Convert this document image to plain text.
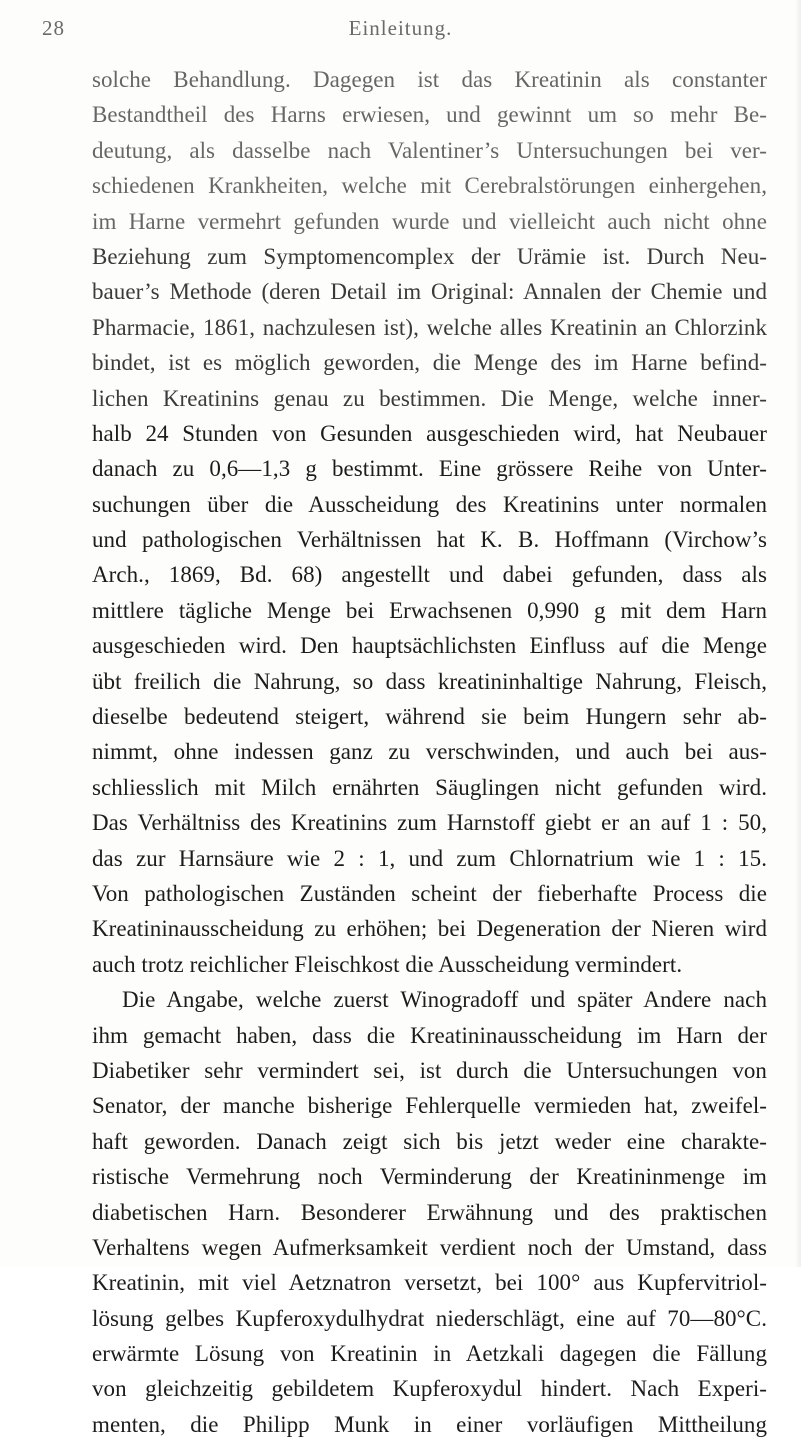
28	Einleitung.
solche Behandlung. Dagegen ist das Kreatinin als constanter
Bestandtheil des Harns erwiesen, und gewinnt um so mehr Be-
deutung, als dasselbe nach Valentiner’s Untersuchungen bei ver-
schiedenen Krankheiten, welche mit Cerebralstörungen einhergehen,
im Harne vermehrt gefunden wurde und vielleicht auch nicht ohne
Beziehung zum Symptomencomplex der Urämie ist. Durch Neu-
bauer’s Methode (deren Detail im Original: Annalen der Chemie und
Pharmacie, 1861, nachzulesen ist), welche alles Kreatinin an Chlorzink
bindet, ist es möglich geworden, die Menge des im Harne befind-
lichen Kreatinins genau zu bestimmen. Die Menge, welche inner-
halb 24 Stunden von Gesunden ausgeschieden wird, hat Neubauer
danach zu 0,6—1,3 g bestimmt. Eine grössere Reihe von Unter-
suchungen über die Ausscheidung des Kreatinins unter normalen
und pathologischen Verhältnissen hat K. B. Hoffmann (Virchow’s
Arch., 1869, Bd. 68) angestellt und dabei gefunden, dass als
mittlere tägliche Menge bei Erwachsenen 0,990 g mit dem Harn
ausgeschieden wird. Den hauptsächlichsten Einfluss auf die Menge
übt freilich die Nahrung, so dass kreatininhaltige Nahrung, Fleisch,
dieselbe bedeutend steigert, während sie beim Hungern sehr ab-
nimmt, ohne indessen ganz zu verschwinden, und auch bei aus-
schliesslich mit Milch ernährten Säuglingen nicht gefunden wird.
Das Verhältniss des Kreatinins zum Harnstoff giebt er an auf 1 : 50,
das zur Harnsäure wie 2 : 1, und zum Chlornatrium wie 1 : 15.
Von pathologischen Zuständen scheint der fieberhafte Process die
Kreatininausscheidung zu erhöhen; bei Degeneration der Nieren wird
auch trotz reichlicher Fleischkost die Ausscheidung vermindert.
Die Angabe, welche zuerst Winogradoff und später Andere nach
ihm gemacht haben, dass die Kreatininausscheidung im Harn der
Diabetiker sehr vermindert sei, ist durch die Untersuchungen von
Senator, der manche bisherige Fehlerquelle vermieden hat, zweifel-
haft geworden. Danach zeigt sich bis jetzt weder eine charakte-
ristische Vermehrung noch Verminderung der Kreatininmenge im
diabetischen Harn. Besonderer Erwähnung und des praktischen
Verhaltens wegen Aufmerksamkeit verdient noch der Umstand, dass
Kreatinin, mit viel Aetznatron versetzt, bei 100° aus Kupfervitriol-
lösung gelbes Kupferoxydulhydrat niederschlägt, eine auf 70—80°C.
erwärmte Lösung von Kreatinin in Aetzkali dagegen die Fällung
von gleichzeitig gebildetem Kupferoxydul hindert. Nach Experi-
menten, die Philipp Munk in einer vorläufigen Mittheilung
